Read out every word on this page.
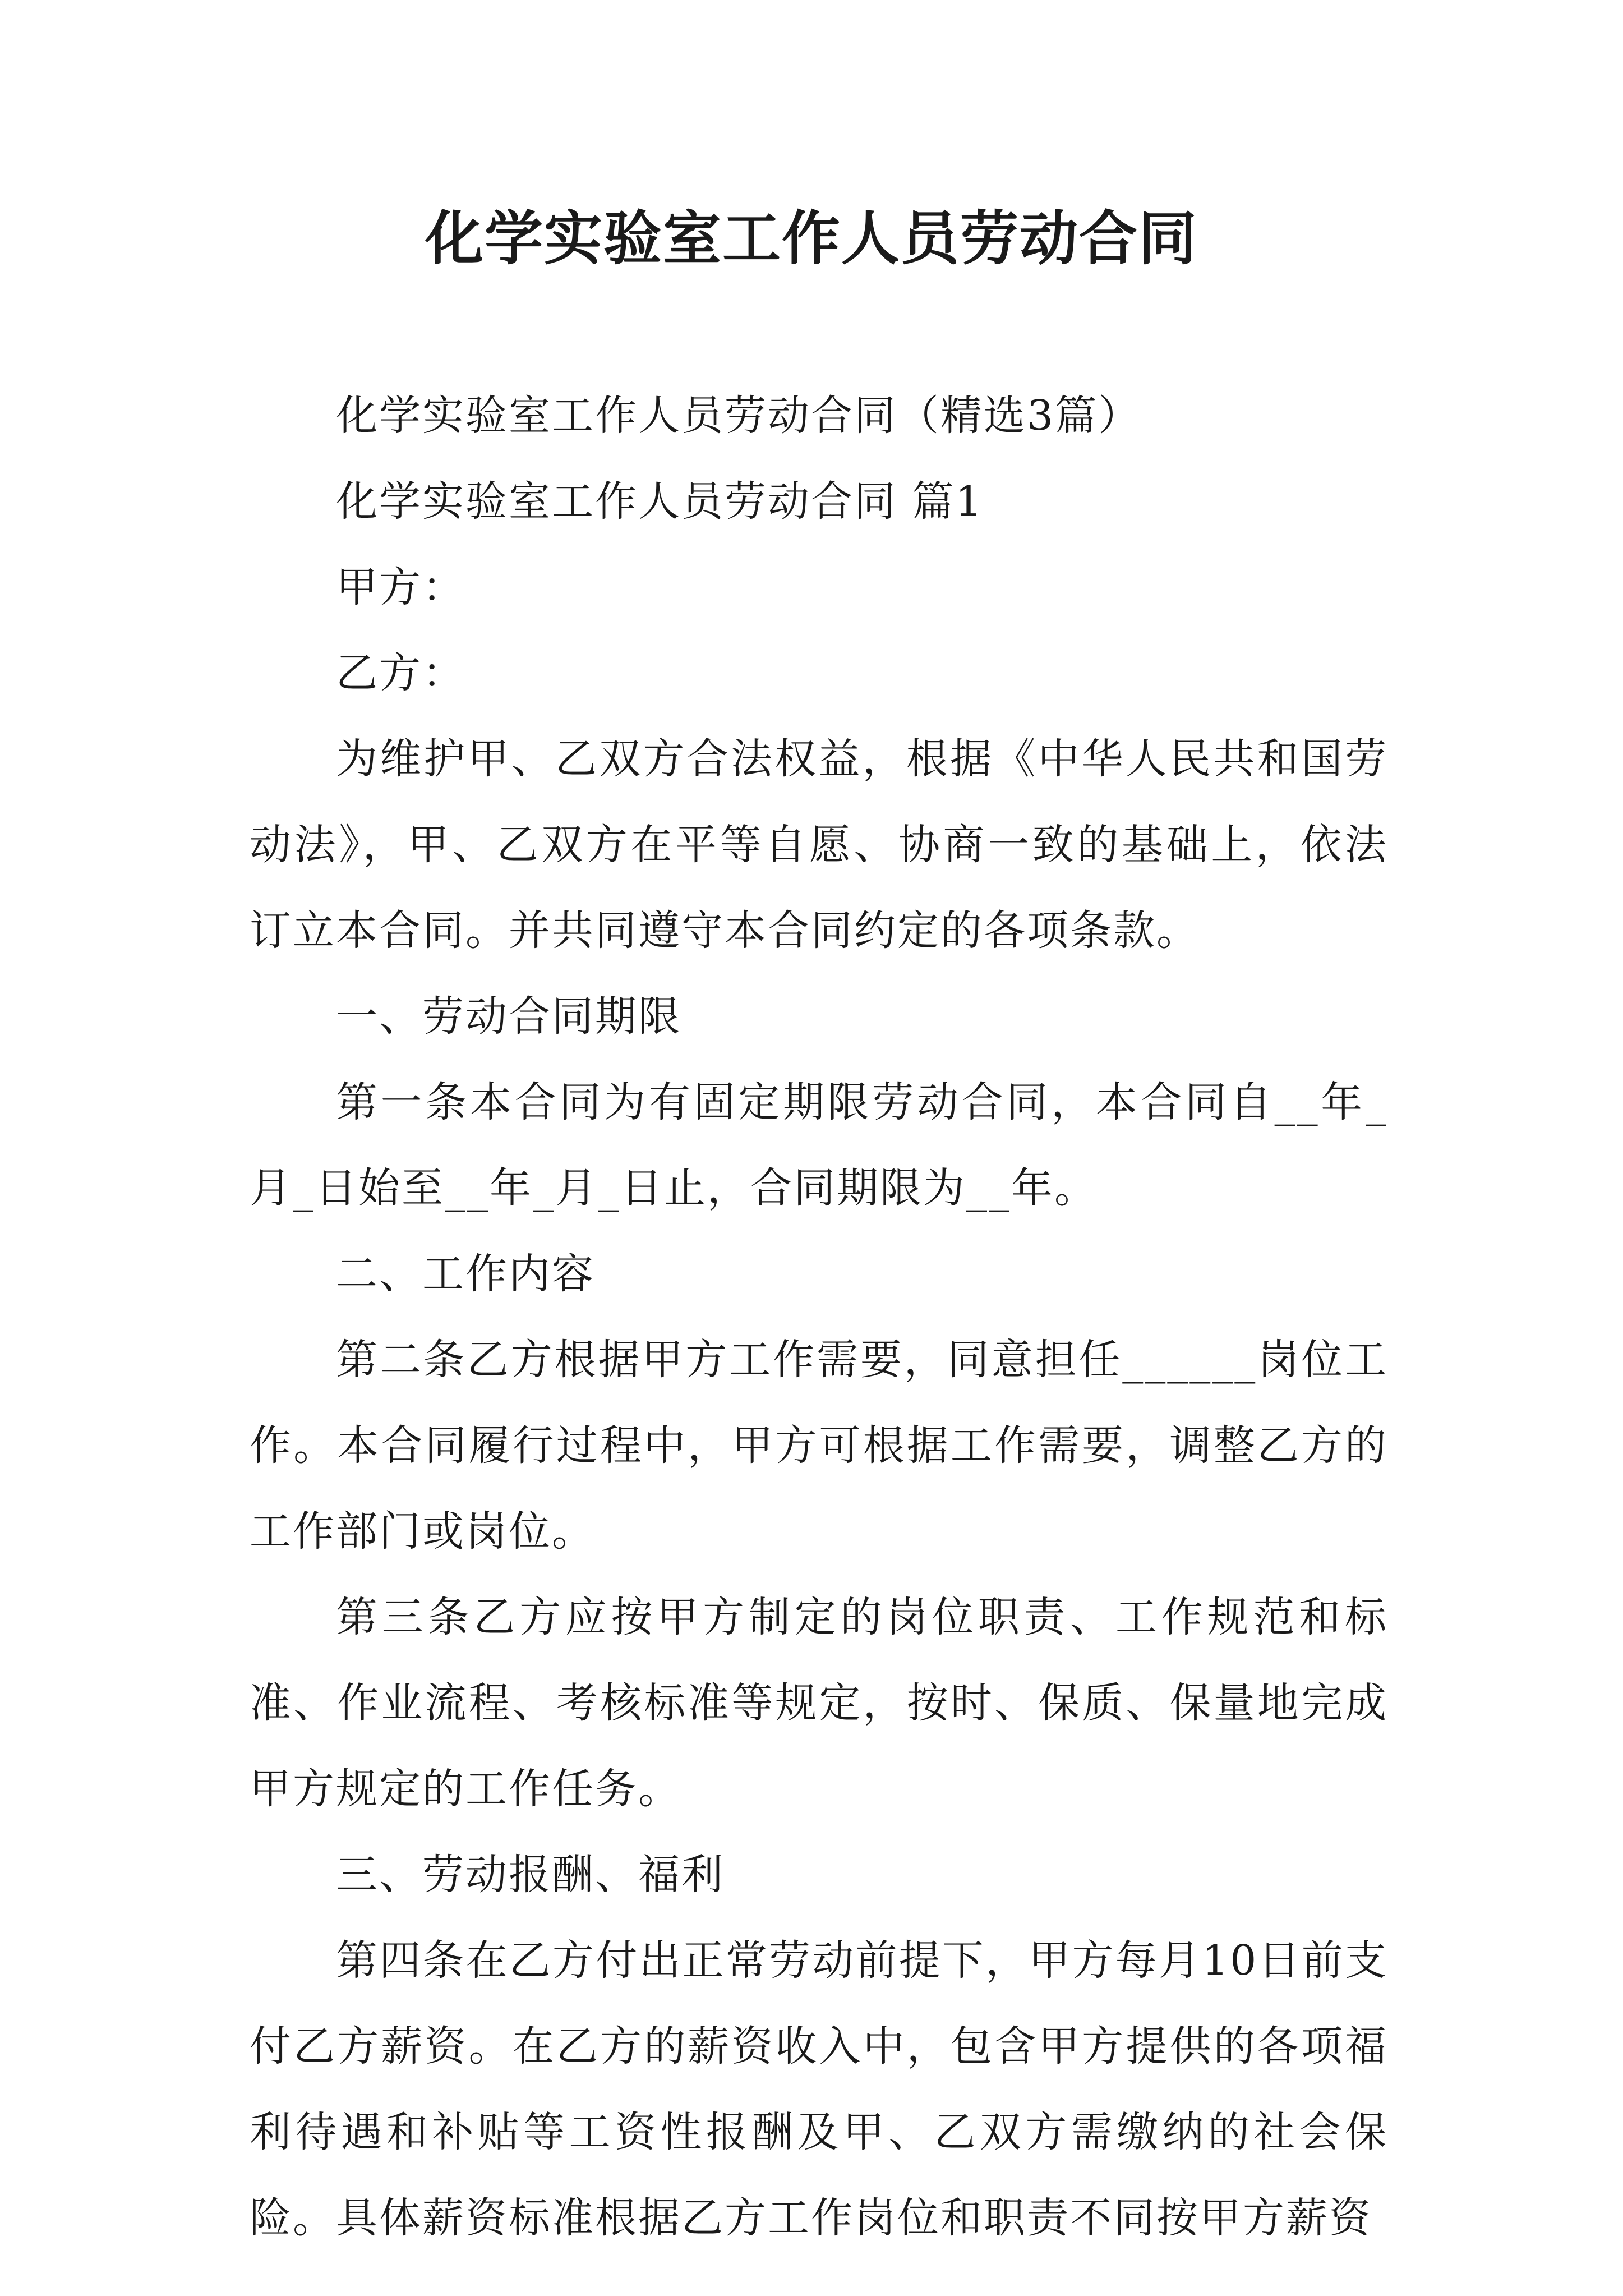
化学实验室工作人员劳动合同

化学实验室工作人员劳动合同（精选3篇）

化学实验室工作人员劳动合同 篇1

甲方：

乙方：

为维护甲、乙双方合法权益，根据《中华人民共和国劳动法》，甲、乙双方在平等自愿、协商一致的基础上，依法订立本合同。并共同遵守本合同约定的各项条款。

一、劳动合同期限

第一条本合同为有固定期限劳动合同，本合同自__年_月_日始至__年_月_日止，合同期限为__年。

二、工作内容

第二条乙方根据甲方工作需要，同意担任______岗位工作。本合同履行过程中，甲方可根据工作需要，调整乙方的工作部门或岗位。

第三条乙方应按甲方制定的岗位职责、工作规范和标准、作业流程、考核标准等规定，按时、保质、保量地完成甲方规定的工作任务。

三、劳动报酬、福利

第四条在乙方付出正常劳动前提下，甲方每月10日前支付乙方薪资。在乙方的薪资收入中，包含甲方提供的各项福利待遇和补贴等工资性报酬及甲、乙双方需缴纳的社会保险。具体薪资标准根据乙方工作岗位和职责不同按甲方薪资
